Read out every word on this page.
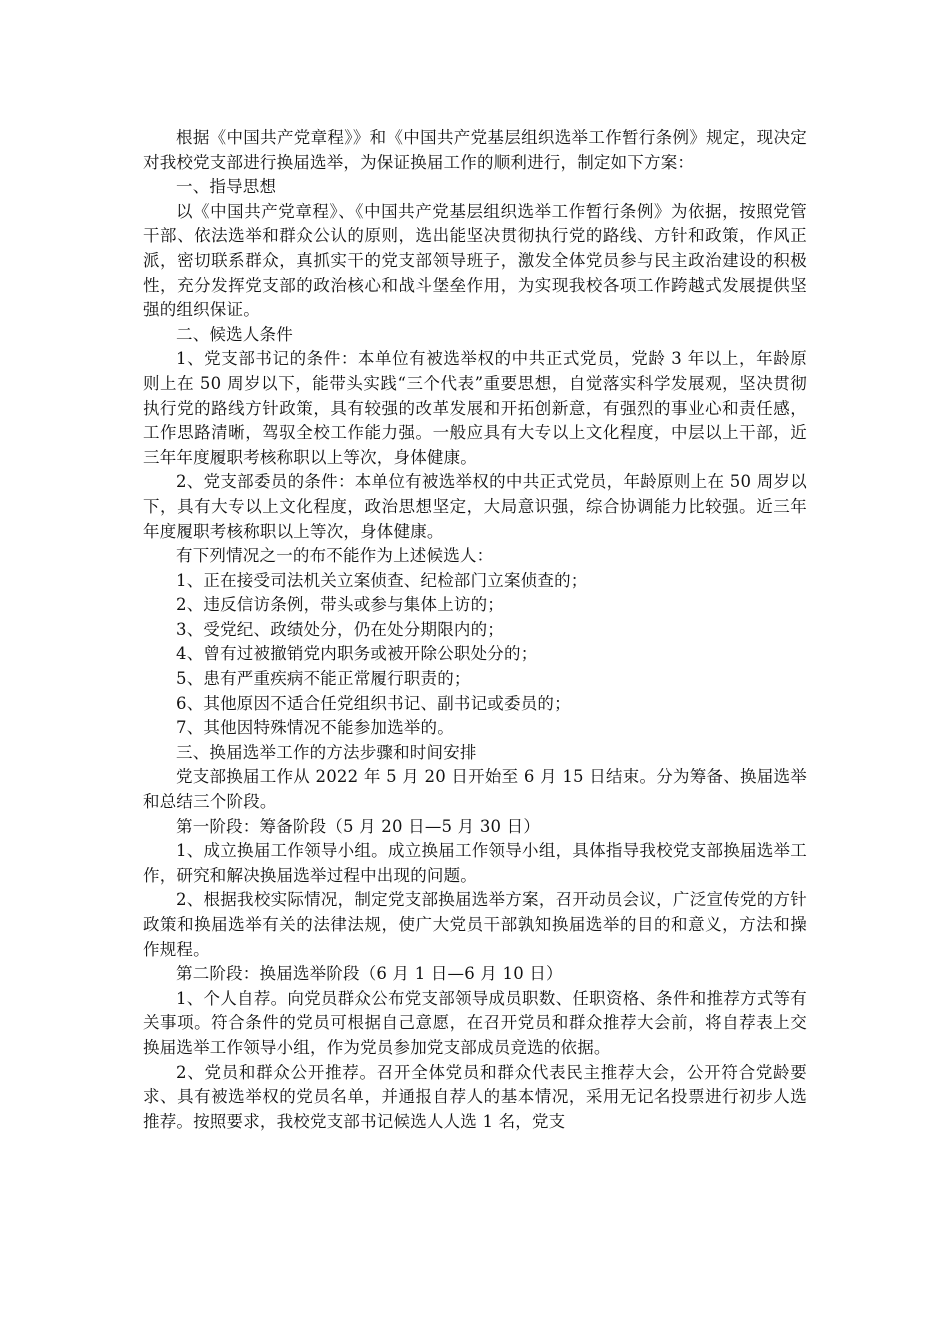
根据《中国共产党章程》》和《中国共产党基层组织选举工作暂行条例》规定，现决定对我校党支部进行换届选举，为保证换届工作的顺利进行，制定如下方案：

一、指导思想

以《中国共产党章程》、《中国共产党基层组织选举工作暂行条例》为依据，按照党管干部、依法选举和群众公认的原则，选出能坚决贯彻执行党的路线、方针和政策，作风正派，密切联系群众，真抓实干的党支部领导班子，激发全体党员参与民主政治建设的积极性，充分发挥党支部的政治核心和战斗堡垒作用，为实现我校各项工作跨越式发展提供坚强的组织保证。

二、候选人条件

1、党支部书记的条件：本单位有被选举权的中共正式党员，党龄 3 年以上，年龄原则上在 50 周岁以下，能带头实践“三个代表”重要思想，自觉落实科学发展观，坚决贯彻执行党的路线方针政策，具有较强的改革发展和开拓创新意，有强烈的事业心和责任感，工作思路清晰，驾驭全校工作能力强。一般应具有大专以上文化程度，中层以上干部，近三年年度履职考核称职以上等次，身体健康。

2、党支部委员的条件：本单位有被选举权的中共正式党员，年龄原则上在 50 周岁以下，具有大专以上文化程度，政治思想坚定，大局意识强，综合协调能力比较强。近三年年度履职考核称职以上等次，身体健康。

有下列情况之一的布不能作为上述候选人：

1、正在接受司法机关立案侦查、纪检部门立案侦查的；

2、违反信访条例，带头或参与集体上访的；

3、受党纪、政绩处分，仍在处分期限内的；

4、曾有过被撤销党内职务或被开除公职处分的；

5、患有严重疾病不能正常履行职责的；

6、其他原因不适合任党组织书记、副书记或委员的；

7、其他因特殊情况不能参加选举的。

三、换届选举工作的方法步骤和时间安排

党支部换届工作从 2022 年 5 月 20 日开始至 6 月 15 日结束。分为筹备、换届选举和总结三个阶段。

第一阶段：筹备阶段（5 月 20 日—5 月 30 日）

1、成立换届工作领导小组。成立换届工作领导小组，具体指导我校党支部换届选举工作，研究和解决换届选举过程中出现的问题。

2、根据我校实际情况，制定党支部换届选举方案，召开动员会议，广泛宣传党的方针政策和换届选举有关的法律法规，使广大党员干部孰知换届选举的目的和意义，方法和操作规程。

第二阶段：换届选举阶段（6 月 1 日—6 月 10 日）

1、个人自荐。向党员群众公布党支部领导成员职数、任职资格、条件和推荐方式等有关事项。符合条件的党员可根据自己意愿，在召开党员和群众推荐大会前，将自荐表上交换届选举工作领导小组，作为党员参加党支部成员竞选的依据。

2、党员和群众公开推荐。召开全体党员和群众代表民主推荐大会，公开符合党龄要求、具有被选举权的党员名单，并通报自荐人的基本情况，采用无记名投票进行初步人选推荐。按照要求，我校党支部书记候选人人选 1 名，党支
